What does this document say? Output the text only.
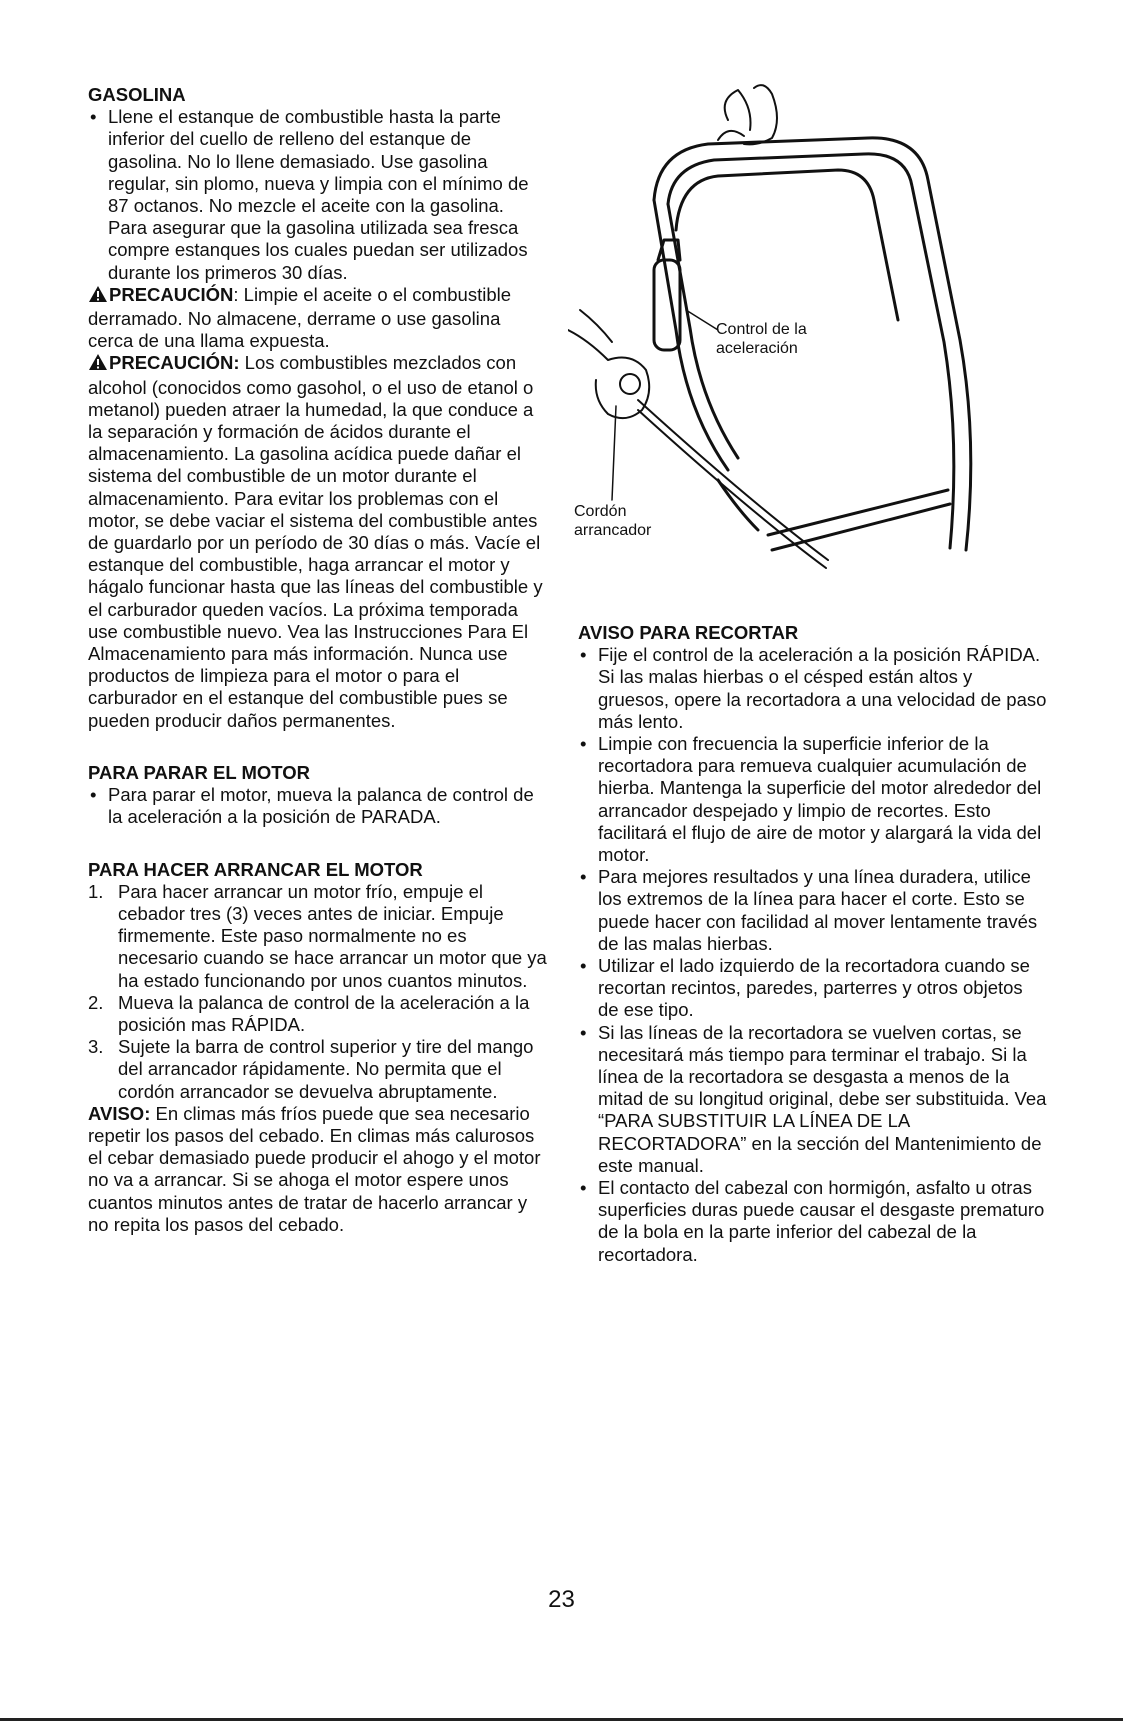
GASOLINA
• Llene el estanque de combustible hasta la parte inferior del cuello de relleno del estanque de gasolina. No lo llene demasiado. Use gasolina regular, sin plomo, nueva y limpia con el mínimo de 87 octanos. No mezcle el aceite con la gasolina. Para asegurar que la gasolina utilizada sea fresca compre estanques los cuales puedan ser utilizados durante los primeros 30 días.

PRECAUCIÓN: Limpie el aceite o el combustible derramado. No almacene, derrame o use gasolina cerca de una llama expuesta.

PRECAUCIÓN: Los combustibles mezclados con alcohol (conocidos como gasohol, o el uso de etanol o metanol) pueden atraer la humedad, la que conduce a la separación y formación de ácidos durante el almacenamiento. La gasolina acídica puede dañar el sistema del combustible de un motor durante el almacenamiento. Para evitar los problemas con el motor, se debe vaciar el sistema del combustible antes de guardarlo por un período de 30 días o más. Vacíe el estanque del combustible, haga arrancar el motor y hágalo funcionar hasta que las líneas del combustible y el carburador queden vacíos. La próxima temporada use combustible nuevo. Vea las Instrucciones Para El Almacenamiento para más información. Nunca use productos de limpieza para el motor o para el carburador en el estanque del combustible pues se pueden producir daños permanentes.

PARA PARAR EL MOTOR
• Para parar el motor, mueva la palanca de control de la aceleración a la posición de PARADA.
PARA HACER ARRANCAR EL MOTOR
1. Para hacer arrancar un motor frío, empuje el cebador tres (3) veces antes de iniciar. Empuje firmemente. Este paso normalmente no es necesario cuando se hace arrancar un motor que ya ha estado funcionando por unos cuantos minutos.
2. Mueva la palanca de control de la aceleración a la posición mas RÁPIDA.
3. Sujete la barra de control superior y tire del mango del arrancador rápidamente. No permita que el cordón arrancador se devuelva abruptamente.

AVISO: En climas más fríos puede que sea necesario repetir los pasos del cebado. En climas más calurosos el cebar demasiado puede producir el ahogo y el motor no va a arrancar. Si se ahoga el motor espere unos cuantos minutos antes de tratar de hacerlo arrancar y no repita los pasos del cebado.

Control de la aceleración
Cordón arrancador
AVISO PARA RECORTAR
• Fije el control de la aceleración a la posición RÁPIDA. Si las malas hierbas o el césped están altos y gruesos, opere la recortadora a una velocidad de paso más lento.
• Limpie con frecuencia la superficie inferior de la recortadora para remueva cualquier acumulación de hierba. Mantenga la superficie del motor alrededor del arrancador despejado y limpio de recortes. Esto facilitará el flujo de aire de motor y alargará la vida del motor.
• Para mejores resultados y una línea duradera, utilice los extremos de la línea para hacer el corte. Esto se puede hacer con facilidad al mover lentamente través de las malas hierbas.
• Utilizar el lado izquierdo de la recortadora cuando se recortan recintos, paredes, parterres y otros objetos de ese tipo.
• Si las líneas de la recortadora se vuelven cortas, se necesitará más tiempo para terminar el trabajo. Si la línea de la recortadora se desgasta a menos de la mitad de su longitud original, debe ser substituida. Vea “PARA SUBSTITUIR LA LÍNEA DE LA RECORTADORA” en la sección del Mantenimiento de este manual.
• El contacto del cabezal con hormigón, asfalto u otras superficies duras puede causar el desgaste prematuro de la bola en la parte inferior del cabezal de la recortadora.
23
